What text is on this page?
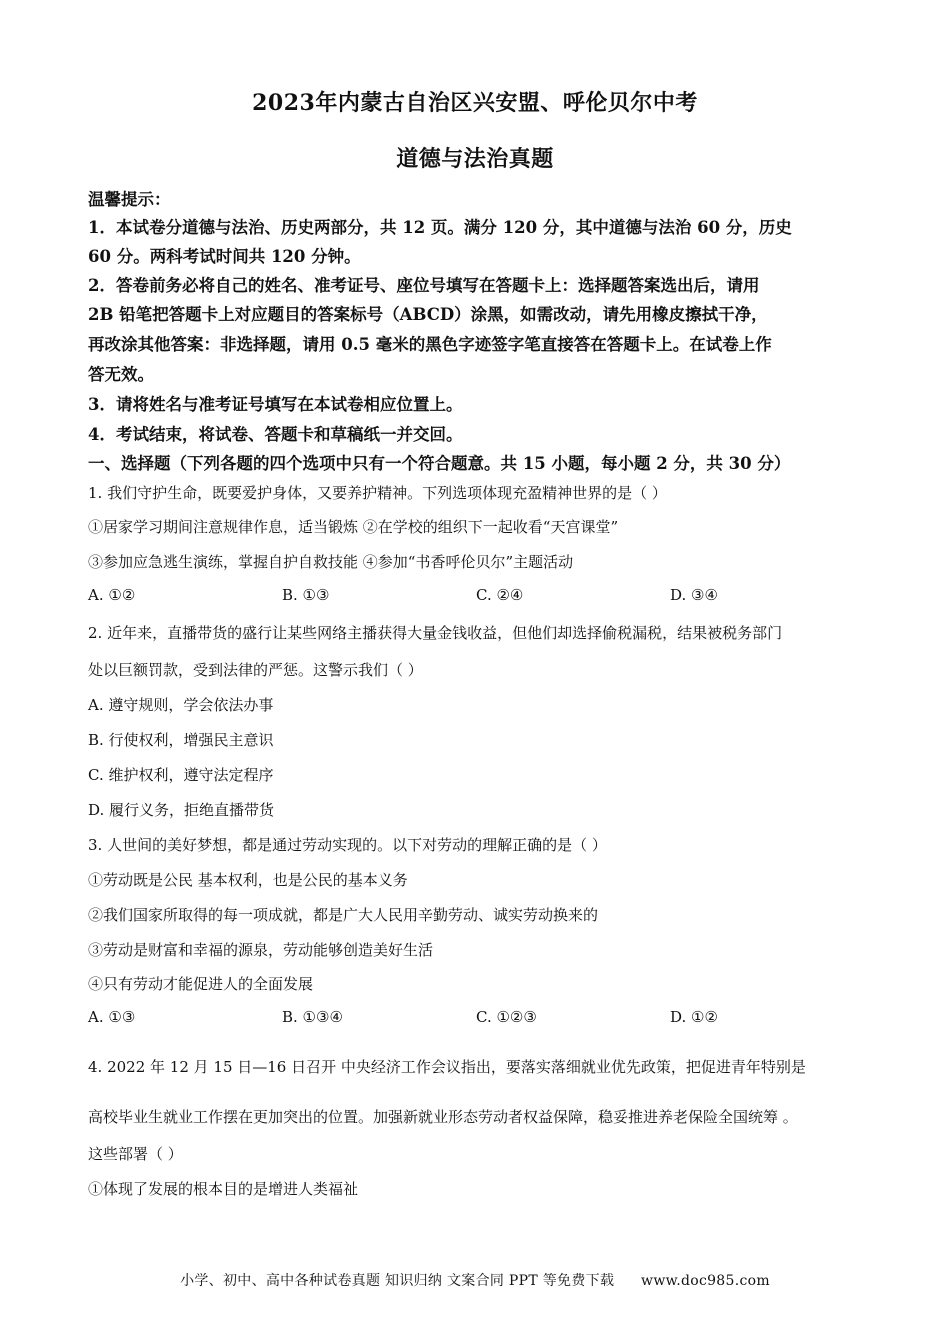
2023年内蒙古自治区兴安盟、呼伦贝尔中考
道德与法治真题
温馨提示：
1．本试卷分道德与法治、历史两部分，共 12 页。满分 120 分，其中道德与法治 60 分，历史
60 分。两科考试时间共 120 分钟。
2．答卷前务必将自己的姓名、准考证号、座位号填写在答题卡上：选择题答案选出后，请用
2B 铅笔把答题卡上对应题目的答案标号（ABCD）涂黑，如需改动，请先用橡皮擦拭干净，
再改涂其他答案：非选择题，请用 0.5 毫米的黑色字迹签字笔直接答在答题卡上。在试卷上作
答无效。
3．请将姓名与准考证号填写在本试卷相应位置上。
4．考试结束，将试卷、答题卡和草稿纸一并交回。
一、选择题（下列各题的四个选项中只有一个符合题意。共 15 小题，每小题 2 分，共 30 分）
1. 我们守护生命，既要爱护身体，又要养护精神。下列选项体现充盈精神世界的是（ ）
①居家学习期间注意规律作息，适当锻炼 ②在学校的组织下一起收看“天宫课堂”
③参加应急逃生演练，掌握自护自救技能 ④参加“书香呼伦贝尔”主题活动
A. ①②	B. ①③	C. ②④	D. ③④
2. 近年来，直播带货的盛行让某些网络主播获得大量金钱收益，但他们却选择偷税漏税，结果被税务部门
处以巨额罚款，受到法律的严惩。这警示我们（ ）
A. 遵守规则，学会依法办事
B. 行使权利，增强民主意识
C. 维护权利，遵守法定程序
D. 履行义务，拒绝直播带货
3. 人世间的美好梦想，都是通过劳动实现的。以下对劳动的理解正确的是（ ）
①劳动既是公民 基本权利，也是公民的基本义务
②我们国家所取得的每一项成就，都是广大人民用辛勤劳动、诚实劳动换来的
③劳动是财富和幸福的源泉，劳动能够创造美好生活
④只有劳动才能促进人的全面发展
A. ①③	B. ①③④	C. ①②③	D. ①②
4. 2022 年 12 月 15 日—16 日召开 中央经济工作会议指出，要落实落细就业优先政策，把促进青年特别是
高校毕业生就业工作摆在更加突出的位置。加强新就业形态劳动者权益保障，稳妥推进养老保险全国统筹 。
这些部署（ ）
①体现了发展的根本目的是增进人类福祉
小学、初中、高中各种试卷真题 知识归纳 文案合同 PPT 等免费下载 www.doc985.com
